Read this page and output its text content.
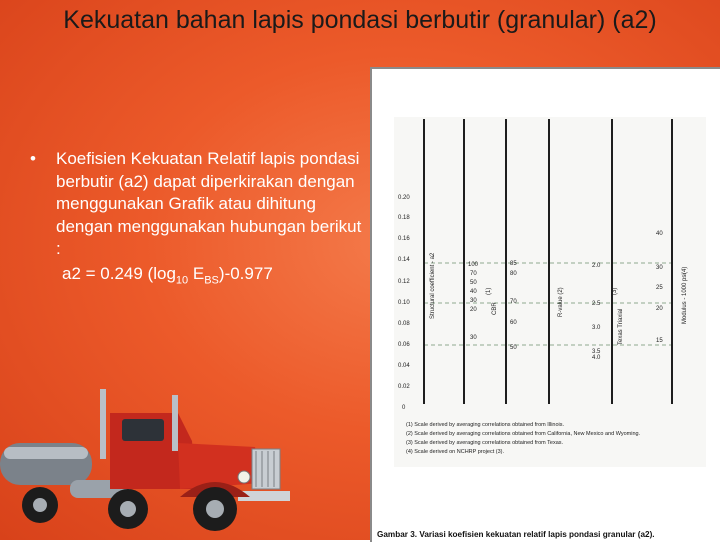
Kekuatan bahan lapis pondasi berbutir (granular) (a2)
• Koefisien Kekuatan Relatif lapis pondasi berbutir (a2) dapat diperkirakan dengan menggunakan Grafik atau dihitung dengan menggunakan hubungan berikut :
a2 = 0.249 ($\log_{10}$ $E_{BS})-0.977$
0.20
0.18
0.16
0.14
0.12
0.10
0.08
0.06
0.04
0.02
0
Structural coefficient - a2	100
70
50
40
30
20
30
(1)
CBR
85
80
70
60
50
R-value (2)
2.0
2.5
3.0
3.5
4.0
Texas Triaxial
(3)
40
30
25
20
15
Modulus - 1000 psi
(4)
(1) Scale derived by averaging correlations obtained from Illinois.
(2) Scale derived by averaging correlations obtained from California, New Mexico and Wyoming.
(3) Scale derived by averaging correlations obtained from Texas.
(4) Scale derived on NCHRP project (3).
Gambar 3. Variasi koefisien kekuatan relatif lapis pondasi granular (a2).
